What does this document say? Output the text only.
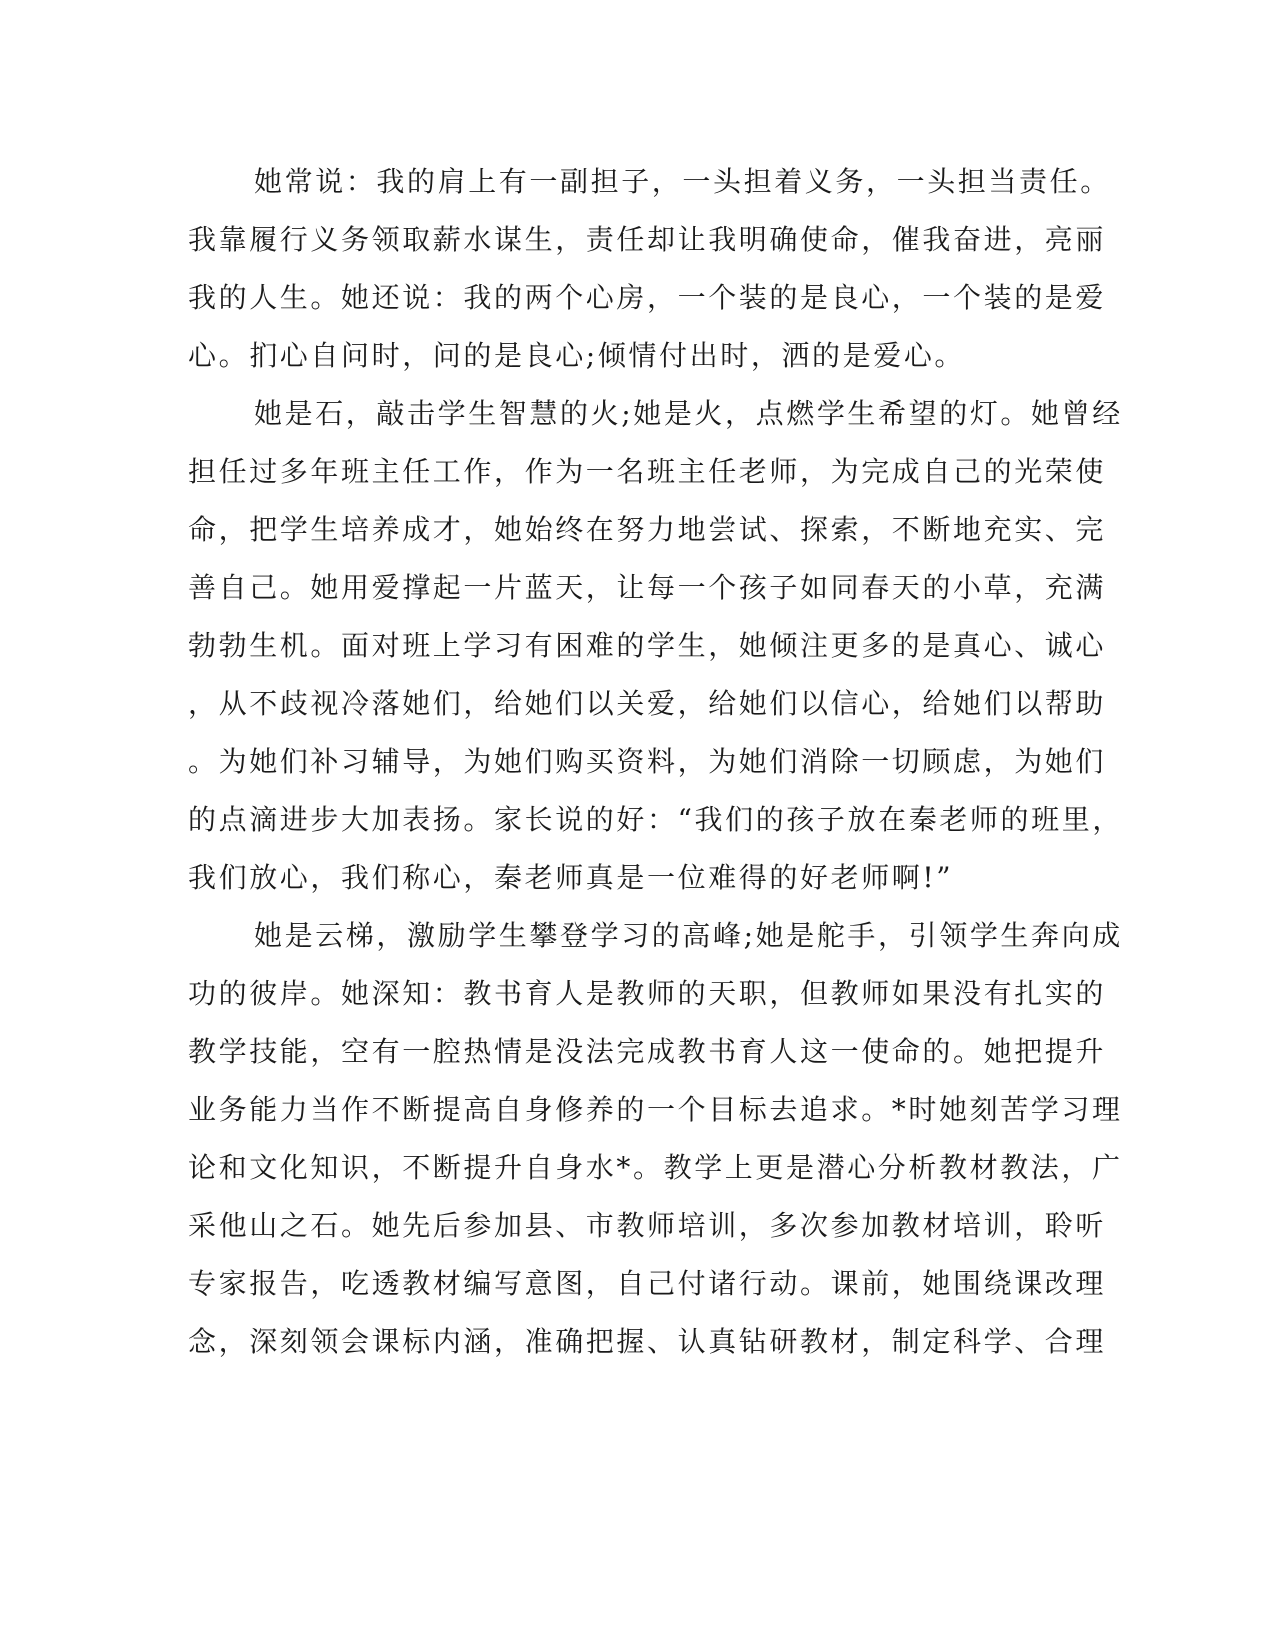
她常说：我的肩上有一副担子，一头担着义务，一头担当责任。
我靠履行义务领取薪水谋生，责任却让我明确使命，催我奋进，亮丽
我的人生。她还说：我的两个心房，一个装的是良心，一个装的是爱
心。扪心自问时，问的是良心;倾情付出时，洒的是爱心。
她是石，敲击学生智慧的火;她是火，点燃学生希望的灯。她曾经
担任过多年班主任工作，作为一名班主任老师，为完成自己的光荣使
命，把学生培养成才，她始终在努力地尝试、探索，不断地充实、完
善自己。她用爱撑起一片蓝天，让每一个孩子如同春天的小草，充满
勃勃生机。面对班上学习有困难的学生，她倾注更多的是真心、诚心
，从不歧视冷落她们，给她们以关爱，给她们以信心，给她们以帮助
。为她们补习辅导，为她们购买资料，为她们消除一切顾虑，为她们
的点滴进步大加表扬。家长说的好：“我们的孩子放在秦老师的班里，
我们放心，我们称心，秦老师真是一位难得的好老师啊!”
她是云梯，激励学生攀登学习的高峰;她是舵手，引领学生奔向成
功的彼岸。她深知：教书育人是教师的天职，但教师如果没有扎实的
教学技能，空有一腔热情是没法完成教书育人这一使命的。她把提升
业务能力当作不断提高自身修养的一个目标去追求。*时她刻苦学习理
论和文化知识，不断提升自身水*。教学上更是潜心分析教材教法，广
采他山之石。她先后参加县、市教师培训，多次参加教材培训，聆听
专家报告，吃透教材编写意图，自己付诸行动。课前，她围绕课改理
念，深刻领会课标内涵，准确把握、认真钻研教材，制定科学、合理
